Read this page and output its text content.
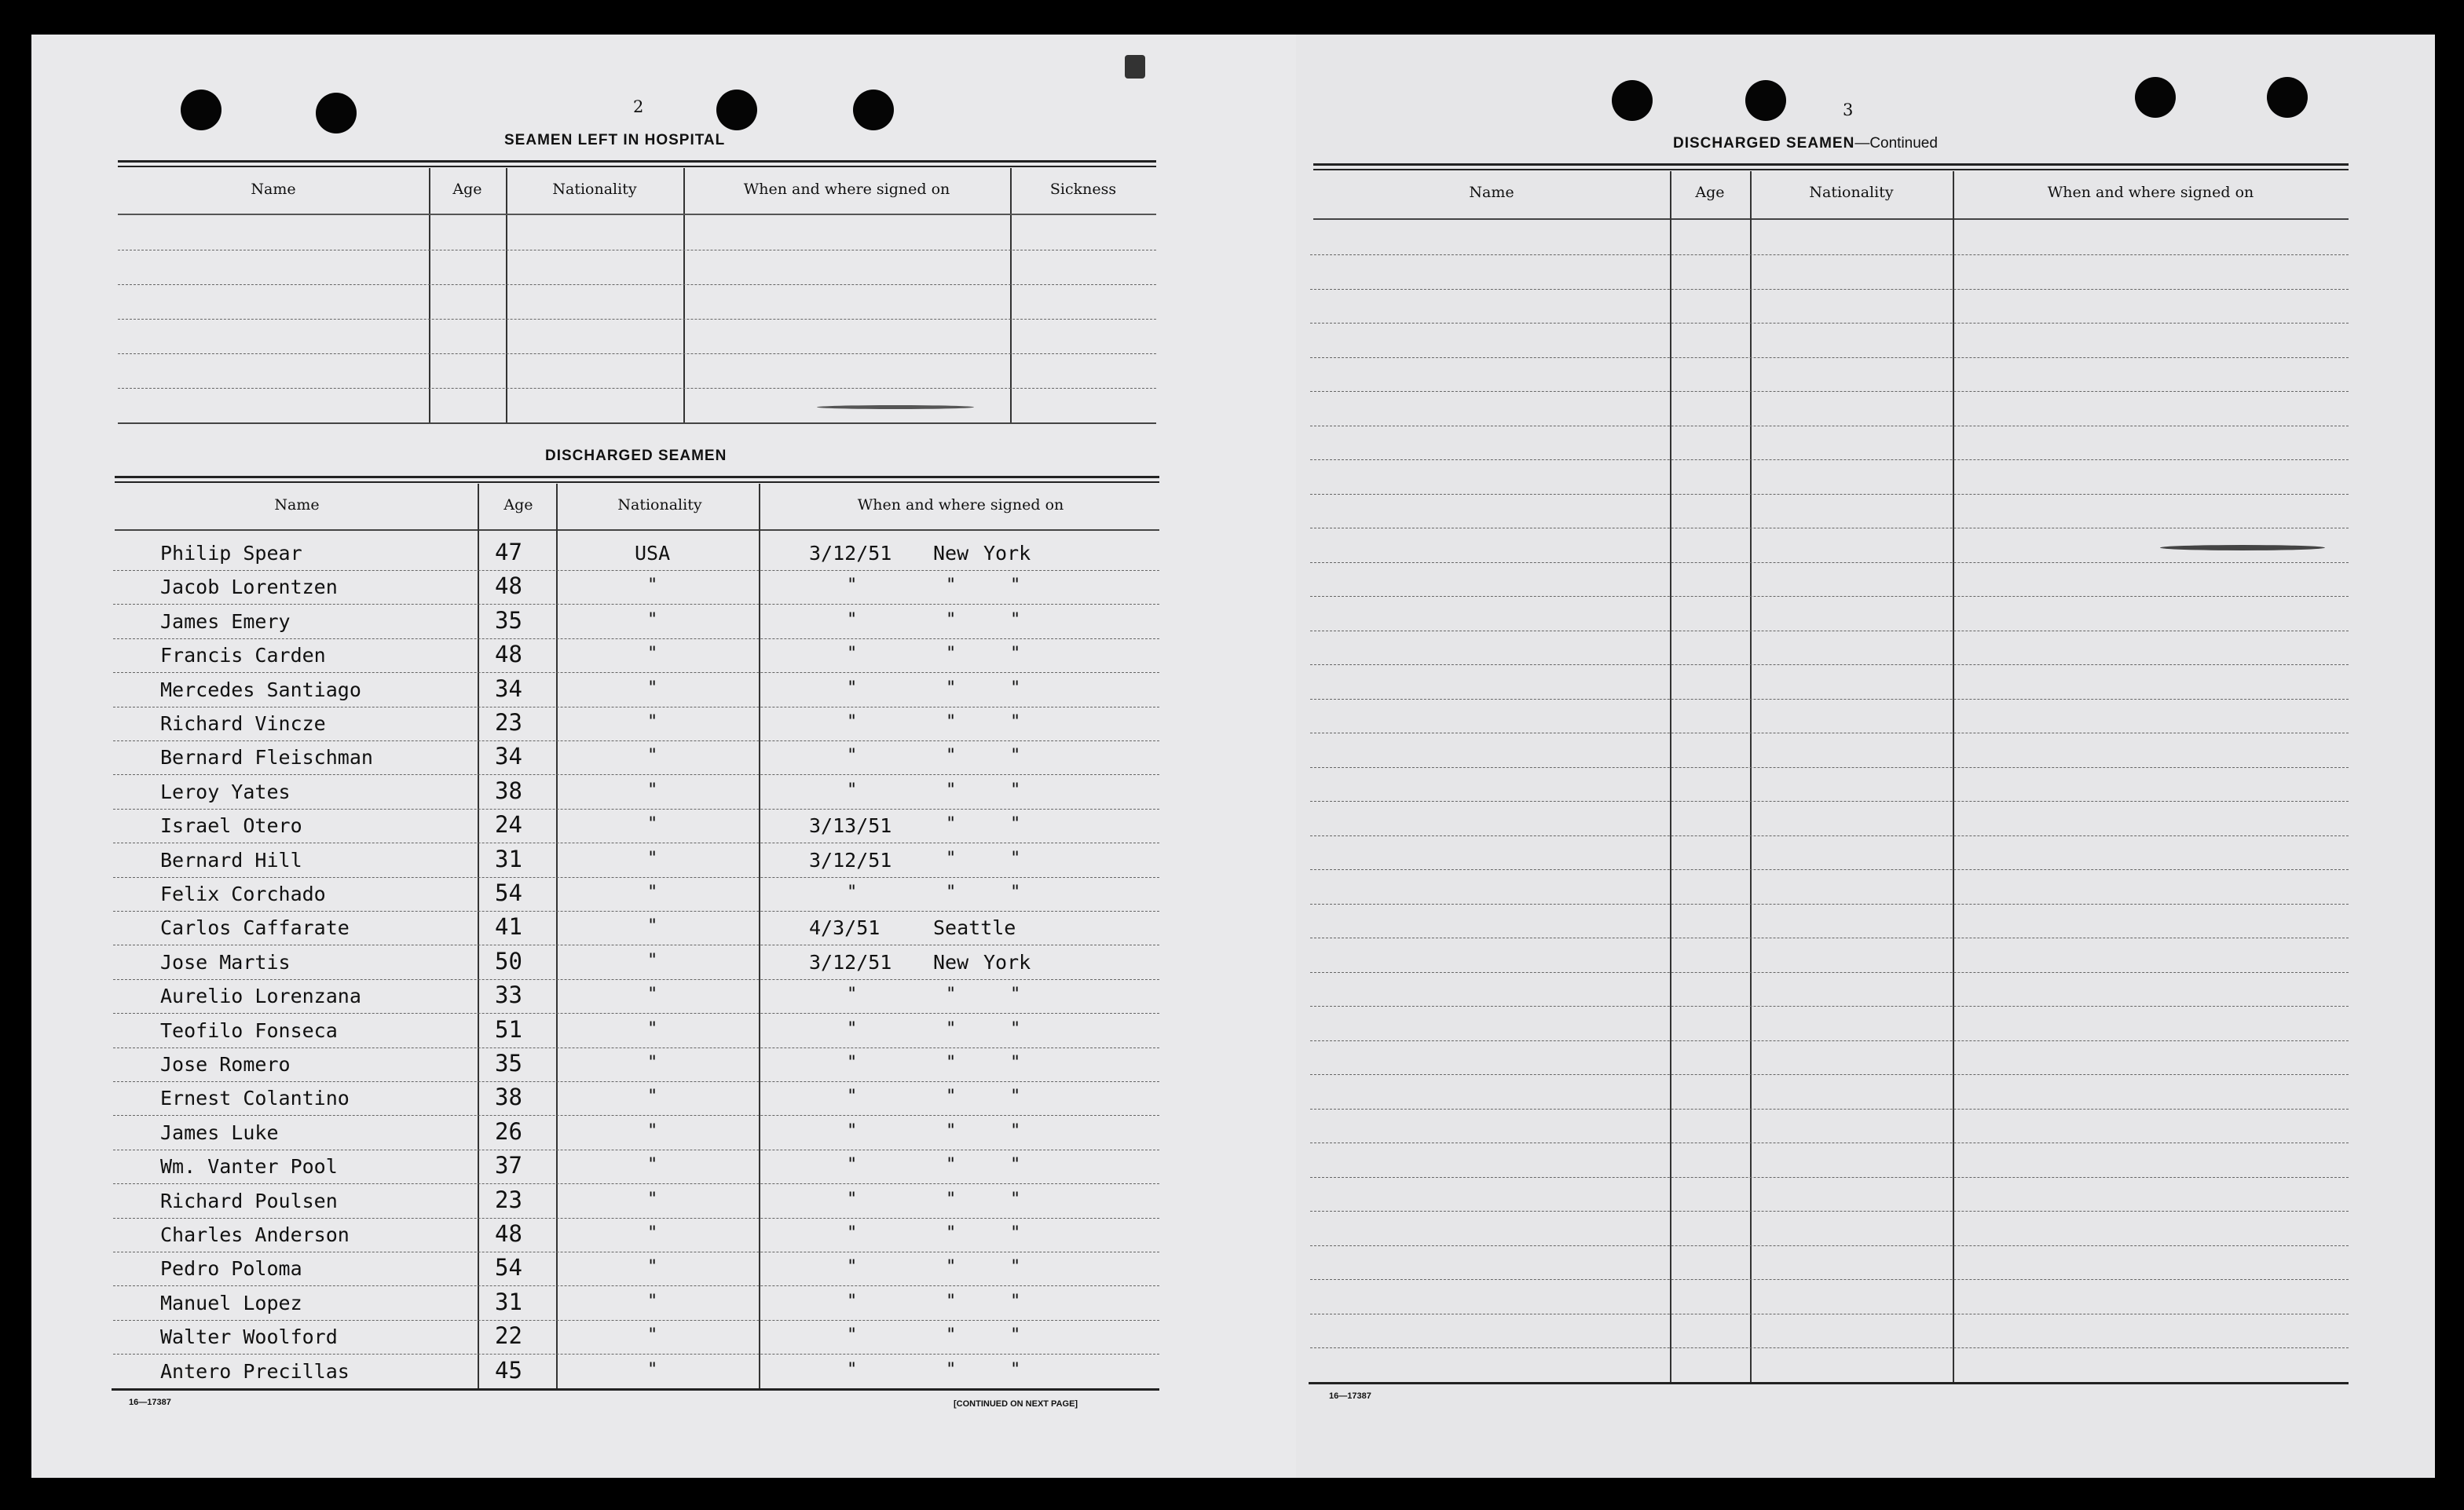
2
SEAMEN LEFT IN HOSPITAL
Name	Age	Nationality	When and where signed on	Sickness
DISCHARGED SEAMEN
Name	Age	Nationality	When and where signed on
Philip Spear	47	USA	3/12/51 New York
Jacob Lorentzen	48	"	"	"	"
James Emery	35	"	"	"	"
Francis Carden	48	"	"	"	"
Mercedes Santiago	34	"	"	"	"
Richard Vincze	23	"	"	"	"
Bernard Fleischman	34	"	"	"	"
Leroy Yates	38	"	"	"	"
Israel Otero	24	"	3/13/51	"	"
Bernard Hill	31	"	3/12/51	"	"
Felix Corchado	54	"	"	"	"
Carlos Caffarate	41	"	4/3/51	Seattle
Jose Martis	50	"	3/12/51 New York
Aurelio Lorenzana	33	"	"	"	"
Teofilo Fonseca	51	"	"	"	"
Jose Romero	35	"	"	"	"
Ernest Colantino	38	"	"	"	"
James Luke	26	"	"	"	"
Wm. Vanter Pool	37	"	"	"	"
Richard Poulsen	23	"	"	"	"
Charles Anderson	48	"	"	"	"
Pedro Poloma	54	"	"	"	"
Manuel Lopez	31	"	"	"	"
Walter Woolford	22	"	"	"	"
Antero Precillas	45	"	"	"	"
16—17387	[CONTINUED ON NEXT PAGE]
3
DISCHARGED SEAMEN—Continued
Name	Age	Nationality	When and where signed on
16—17387
